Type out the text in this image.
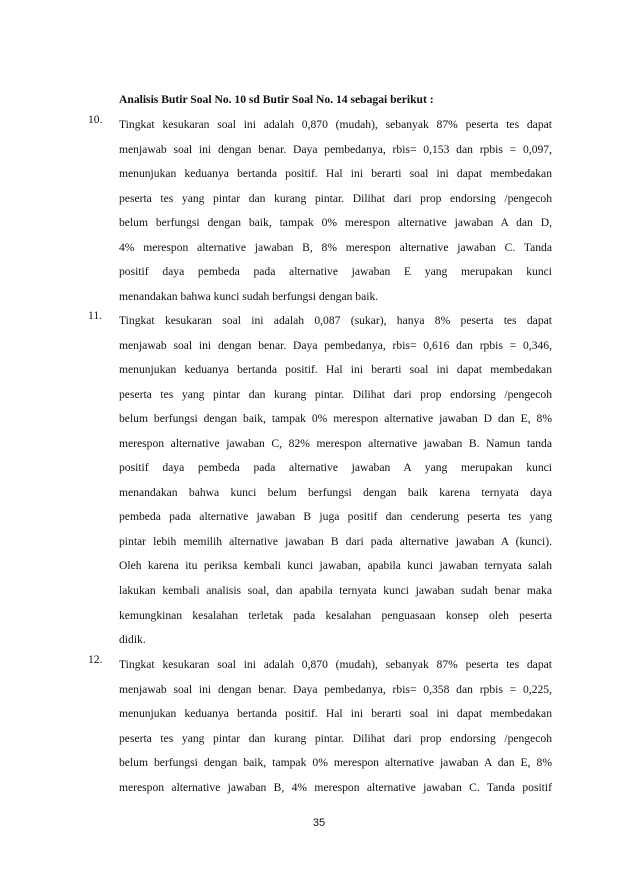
Analisis Butir Soal No. 10 sd Butir Soal No. 14 sebagai berikut :
10. Tingkat kesukaran soal ini adalah 0,870 (mudah), sebanyak 87% peserta tes dapat
menjawab soal ini dengan benar. Daya pembedanya, rbis= 0,153 dan rpbis = 0,097,
menunjukan keduanya bertanda positif. Hal ini berarti soal ini dapat membedakan
peserta tes yang pintar dan kurang pintar. Dilihat dari prop endorsing /pengecoh
belum berfungsi dengan baik, tampak 0% merespon alternative jawaban A dan D,
4% merespon alternative jawaban B, 8% merespon alternative jawaban C. Tanda
positif daya pembeda pada alternative jawaban E yang merupakan kunci
menandakan bahwa kunci sudah berfungsi dengan baik.
11. Tingkat kesukaran soal ini adalah 0,087 (sukar), hanya 8% peserta tes dapat
menjawab soal ini dengan benar. Daya pembedanya, rbis= 0,616 dan rpbis = 0,346,
menunjukan keduanya bertanda positif. Hal ini berarti soal ini dapat membedakan
peserta tes yang pintar dan kurang pintar. Dilihat dari prop endorsing /pengecoh
belum berfungsi dengan baik, tampak 0% merespon alternative jawaban D dan E, 8%
merespon alternative jawaban C, 82% merespon alternative jawaban B. Namun tanda
positif daya pembeda pada alternative jawaban A yang merupakan kunci
menandakan bahwa kunci belum berfungsi dengan baik karena ternyata daya
pembeda pada alternative jawaban B juga positif dan cenderung peserta tes yang
pintar lebih memilih alternative jawaban B dari pada alternative jawaban A (kunci).
Oleh karena itu periksa kembali kunci jawaban, apabila kunci jawaban ternyata salah
lakukan kembali analisis soal, dan apabila ternyata kunci jawaban sudah benar maka
kemungkinan kesalahan terletak pada kesalahan penguasaan konsep oleh peserta
didik.
12. Tingkat kesukaran soal ini adalah 0,870 (mudah), sebanyak 87% peserta tes dapat
menjawab soal ini dengan benar. Daya pembedanya, rbis= 0,358 dan rpbis = 0,225,
menunjukan keduanya bertanda positif. Hal ini berarti soal ini dapat membedakan
peserta tes yang pintar dan kurang pintar. Dilihat dari prop endorsing /pengecoh
belum berfungsi dengan baik, tampak 0% merespon alternative jawaban A dan E, 8%
merespon alternative jawaban B, 4% merespon alternative jawaban C. Tanda positif
35
